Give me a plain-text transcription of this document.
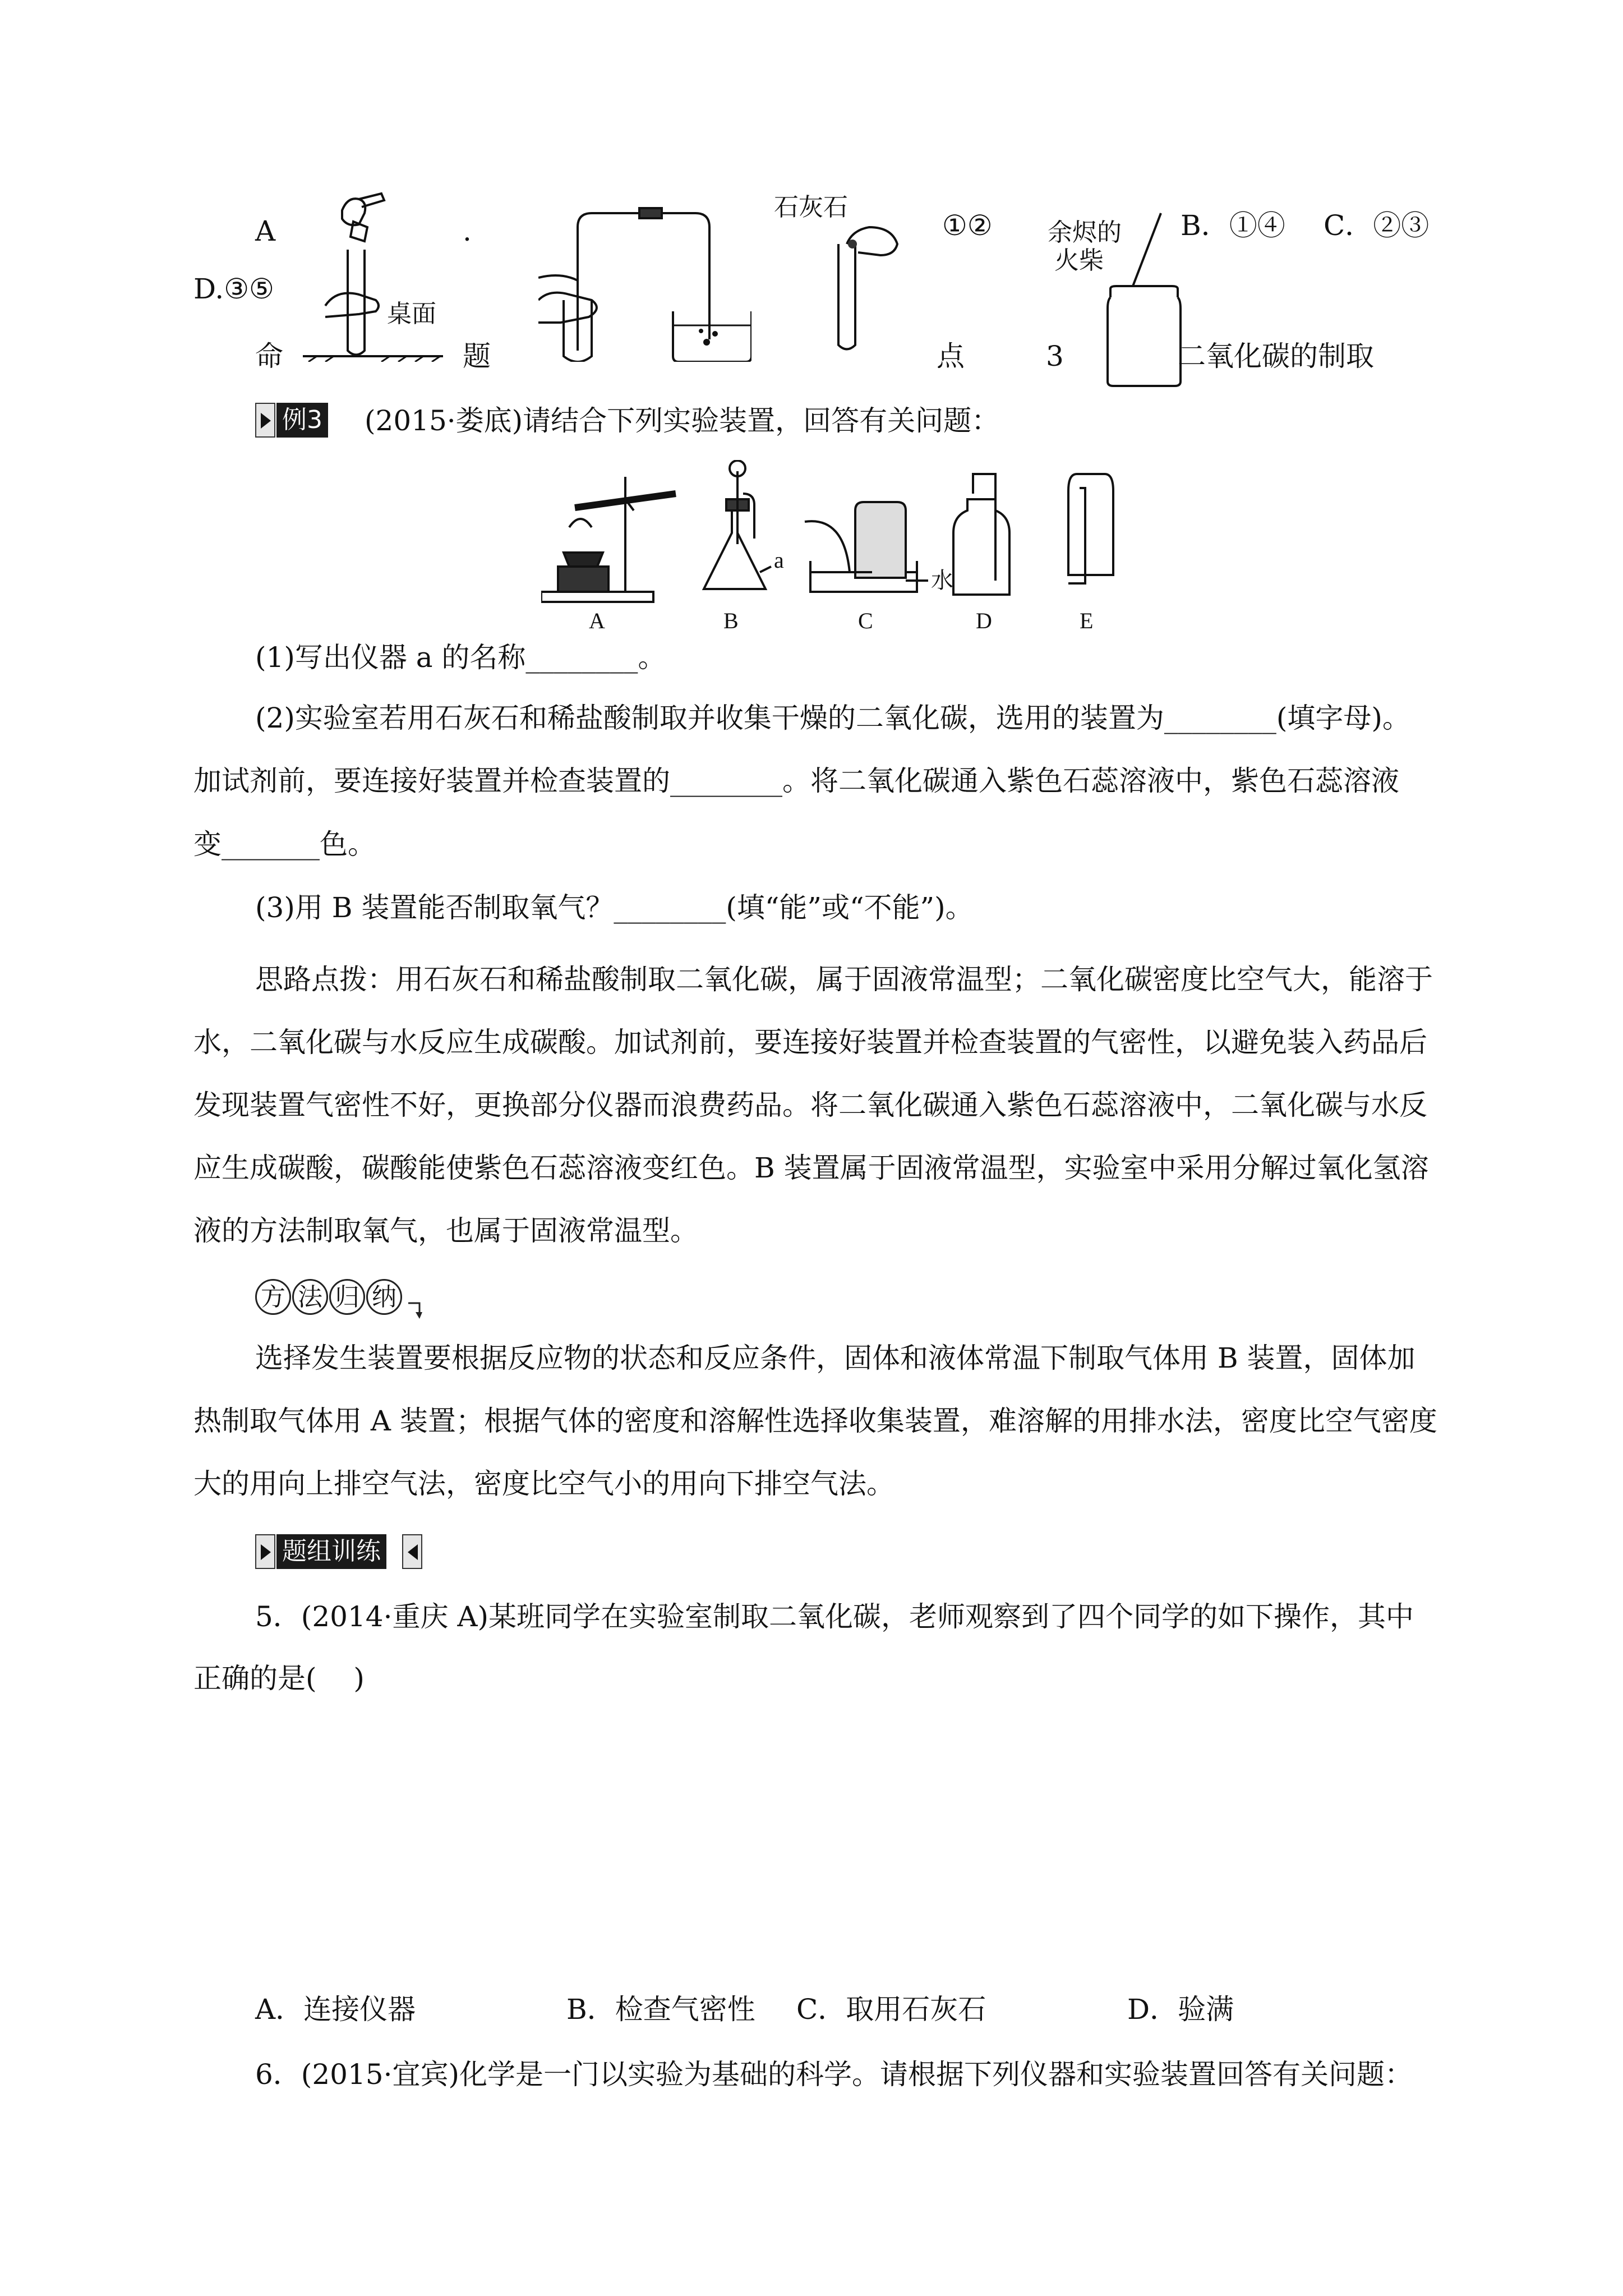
A
桌面
.
石灰石
①② 余烬的
火柴
B．①④ C．②③
D.③⑤
命	题	点	3	二氧化碳的制取
例3 (2015·娄底)请结合下列实验装置，回答有关问题：
A	B	C	D	E
a
水
(1)写出仪器 a 的名称________。
(2)实验室若用石灰石和稀盐酸制取并收集干燥的二氧化碳，选用的装置为________(填字母)。
加试剂前，要连接好装置并检查装置的________。将二氧化碳通入紫色石蕊溶液中，紫色石蕊溶液
变_______色。
(3)用 B 装置能否制取氧气？________(填“能”或“不能”)。
思路点拨：用石灰石和稀盐酸制取二氧化碳，属于固液常温型；二氧化碳密度比空气大，能溶于水，二氧化碳与水反应生成碳酸。加试剂前，要连接好装置并检查装置的气密性，以避免装入药品后发现装置气密性不好，更换部分仪器而浪费药品。将二氧化碳通入紫色石蕊溶液中，二氧化碳与水反应生成碳酸，碳酸能使紫色石蕊溶液变红色。B 装置属于固液常温型，实验室中采用分解过氧化氢溶液的方法制取氧气，也属于固液常温型。
方 法 归 纳
选择发生装置要根据反应物的状态和反应条件，固体和液体常温下制取气体用 B 装置，固体加热制取气体用 A 装置；根据气体的密度和溶解性选择收集装置，难溶解的用排水法，密度比空气密度大的用向上排空气法，密度比空气小的用向下排空气法。
题组训练
5．(2014·重庆 A)某班同学在实验室制取二氧化碳，老师观察到了四个同学的如下操作，其中
正确的是(　 )
A．连接仪器	B．检查气密性 C．取用石灰石	D．验满
6．(2015·宜宾)化学是一门以实验为基础的科学。请根据下列仪器和实验装置回答有关问题：
